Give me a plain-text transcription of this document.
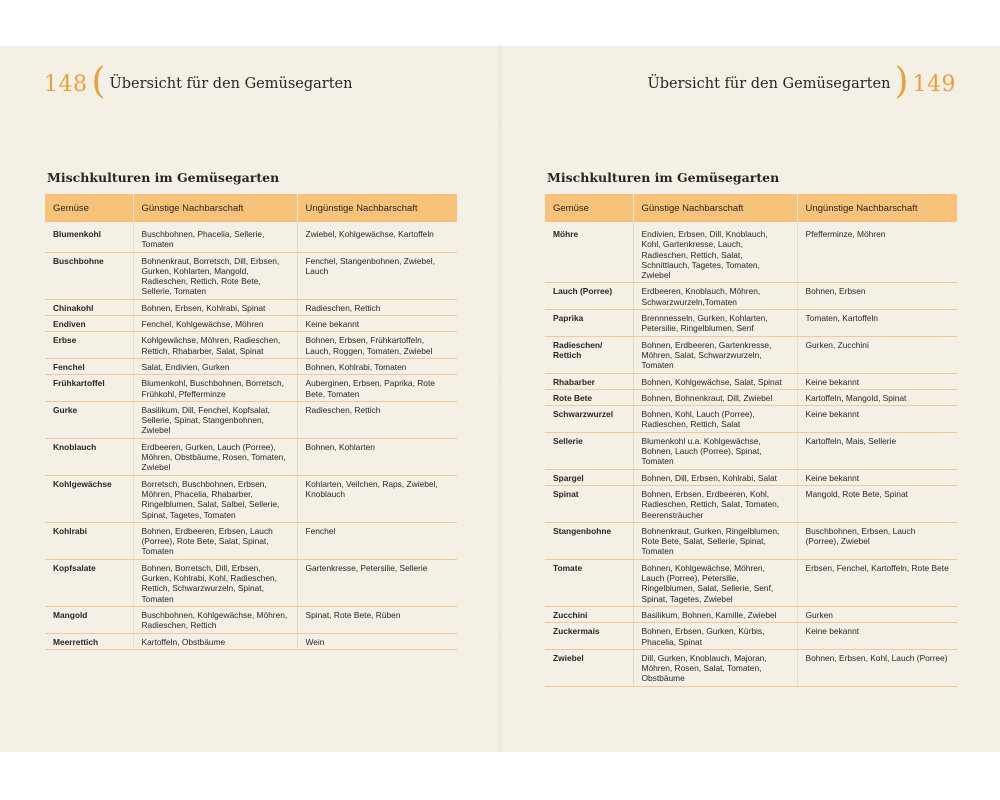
148 ( Übersicht für den Gemüsegarten	Übersicht für den Gemüsegarten ) 149
Mischkulturen im Gemüsegarten
Gemüse	Günstige Nachbarschaft	Ungünstige Nachbarschaft
Blumenkohl	Buschbohnen, Phacelia, Sellerie, Tomaten	Zwiebel, Kohlgewächse, Kartoffeln
Buschbohne	Bohnenkraut, Borretsch, Dill, Erbsen, Gurken, Kohlarten, Mangold, Radieschen, Rettich, Rote Bete, Sellerie, Tomaten	Fenchel, Stangenbohnen, Zwiebel, Lauch
Chinakohl	Bohnen, Erbsen, Kohlrabi, Spinat	Radieschen, Rettich
Endiven	Fenchel, Kohlgewächse, Möhren	Keine bekannt
Erbse	Kohlgewächse, Möhren, Radieschen, Rettich, Rhabarber, Salat, Spinat	Bohnen, Erbsen, Frühkartoffeln, Lauch, Roggen, Tomaten, Zwiebel
Fenchel	Salat, Endivien, Gurken	Bohnen, Kohlrabi, Tomaten
Frühkartoffel	Blumenkohl, Buschbohnen, Borretsch, Frühkohl, Pfefferminze	Auberginen, Erbsen, Paprika, Rote Bete, Tomaten
Gurke	Basilikum, Dill, Fenchel, Kopfsalat, Sellerie, Spinat, Stangenbohnen, Zwiebel	Radieschen, Rettich
Knoblauch	Erdbeeren, Gurken, Lauch (Porree), Möhren, Obstbäume, Rosen, Tomaten, Zwiebel	Bohnen, Kohlarten
Kohlgewächse	Borretsch, Buschbohnen, Erbsen, Möhren, Phacelia, Rhabarber, Ringelblumen, Salat, Salbei, Sellerie, Spinat, Tagetes, Tomaten	Kohlarten, Veilchen, Raps, Zwiebel, Knoblauch
Kohlrabi	Bohnen, Erdbeeren, Erbsen, Lauch (Porree), Rote Bete, Salat, Spinat, Tomaten	Fenchel
Kopfsalate	Bohnen, Borretsch, Dill, Erbsen, Gurken, Kohlrabi, Kohl, Radieschen, Rettich, Schwarzwurzeln, Spinat, Tomaten	Gartenkresse, Petersilie, Sellerie
Mangold	Buschbohnen, Kohlgewächse, Möhren, Radieschen, Rettich	Spinat, Rote Bete, Rüben
Meerrettich	Kartoffeln, Obstbäume	Wein
Mischkulturen im Gemüsegarten
Gemüse	Günstige Nachbarschaft	Ungünstige Nachbarschaft
Möhre	Endivien, Erbsen, Dill, Knoblauch, Kohl, Gartenkresse, Lauch, Radieschen, Rettich, Salat, Schnittlauch, Tagetes, Tomaten, Zwiebel	Pfefferminze, Möhren
Lauch (Porree)	Erdbeeren, Knoblauch, Möhren, Schwarzwurzeln,Tomaten	Bohnen, Erbsen
Paprika	Brennnesseln, Gurken, Kohlarten, Petersilie, Ringelblumen, Senf	Tomaten, Kartoffeln
Radieschen/ Rettich	Bohnen, Erdbeeren, Gartenkresse, Möhren, Salat, Schwarzwurzeln, Tomaten	Gurken, Zucchini
Rhabarber	Bohnen, Kohlgewächse, Salat, Spinat	Keine bekannt
Rote Bete	Bohnen, Bohnenkraut, Dill, Zwiebel	Kartoffeln, Mangold, Spinat
Schwarzwurzel	Bohnen, Kohl, Lauch (Porree), Radieschen, Rettich, Salat	Keine bekannt
Sellerie	Blumenkohl u.a. Kohlgewächse, Bohnen, Lauch (Porree), Spinat, Tomaten	Kartoffeln, Mais, Sellerie
Spargel	Bohnen, Dill, Erbsen, Kohlrabi, Salat	Keine bekannt
Spinat	Bohnen, Erbsen, Erdbeeren, Kohl, Radieschen, Rettich, Salat, Tomaten, Beerensträucher	Mangold, Rote Bete, Spinat
Stangenbohne	Bohnenkraut, Gurken, Ringelblumen, Rote Bete, Salat, Sellerie, Spinat, Tomaten	Buschbohnen, Erbsen, Lauch (Porree), Zwiebel
Tomate	Bohnen, Kohlgewächse, Möhren, Lauch (Porree), Petersilie, Ringelblumen, Salat, Sellerie, Senf, Spinat, Tagetes, Zwiebel	Erbsen, Fenchel, Kartoffeln, Rote Bete
Zucchini	Basilikum, Bohnen, Kamille, Zwiebel	Gurken
Zuckermais	Bohnen, Erbsen, Gurken, Kürbis, Phacelia, Spinat	Keine bekannt
Zwiebel	Dill, Gurken, Knoblauch, Majoran, Möhren, Rosen, Salat, Tomaten, Obstbäume	Bohnen, Erbsen, Kohl, Lauch (Porree)
